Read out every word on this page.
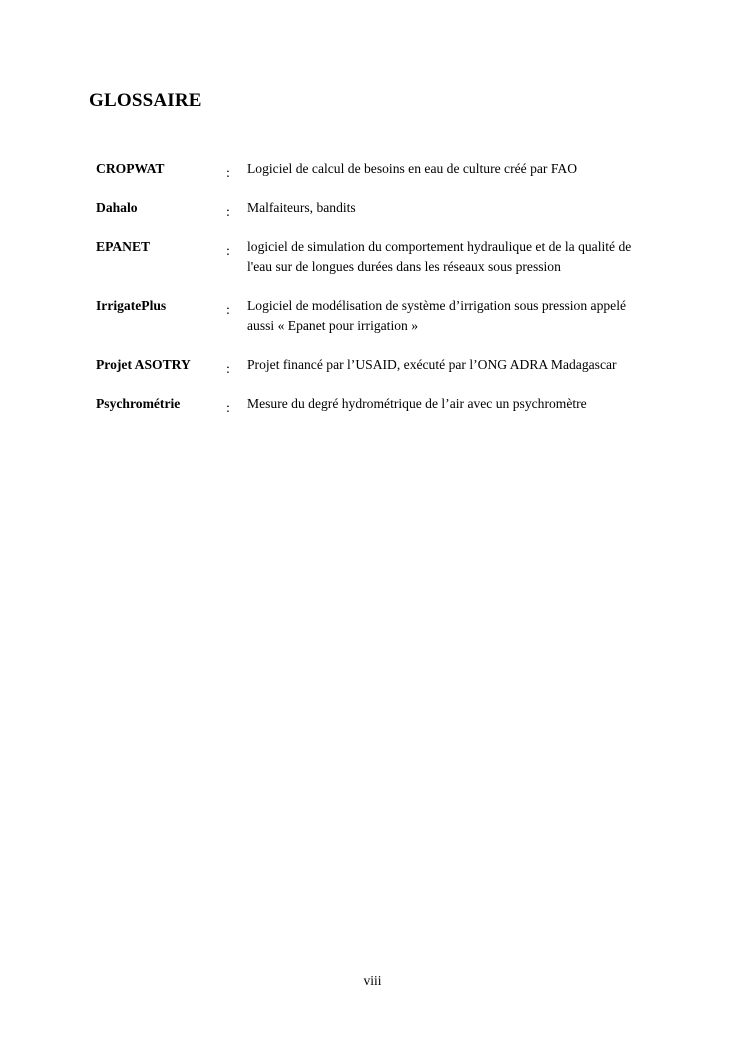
GLOSSAIRE
CROPWAT	:	Logiciel de calcul de besoins en eau de culture créé par FAO
Dahalo	:	Malfaiteurs, bandits
EPANET	:	logiciel de simulation du comportement hydraulique et de la qualité de l'eau sur de longues durées dans les réseaux sous pression
IrrigatePlus	:	Logiciel de modélisation de système d’irrigation sous pression appelé aussi « Epanet pour irrigation »
Projet ASOTRY	:	Projet financé par l’USAID, exécuté par l’ONG ADRA Madagascar
Psychrométrie	:	Mesure du degré hydrométrique de l’air avec un psychromètre
viii
